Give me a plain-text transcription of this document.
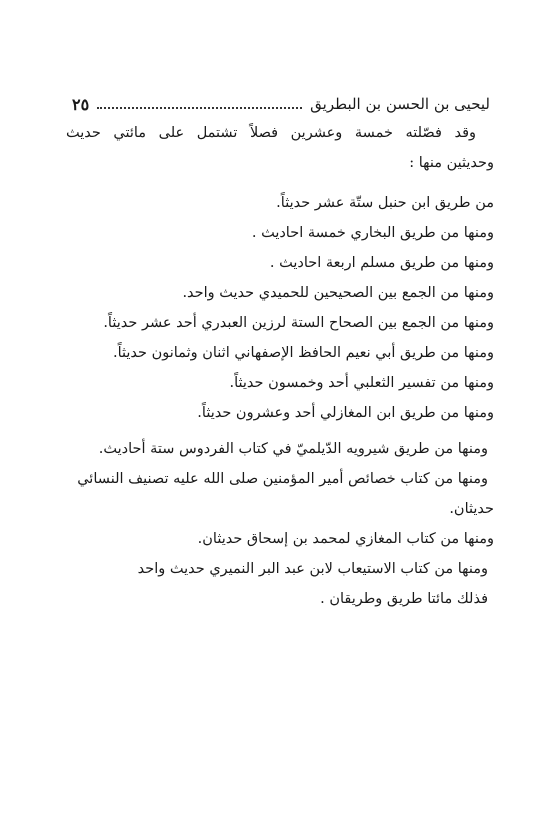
ليحيى بن الحسن بن البطريق
٢٥
وقد فصّلته خمسة وعشرين فصلاً تشتمل على مائتي حديث
وحديثين منها :
من طريق ابن حنبل ستّة عشر حديثاً.
ومنها من طريق البخاري خمسة احاديث .
ومنها من طريق مسلم اربعة احاديث .
ومنها من الجمع بين الصحيحين للحميدي حديث واحد.
ومنها من الجمع بين الصحاح الستة لرزين العبدري أحد عشر حديثاً.
ومنها من طريق أبي نعيم الحافظ الإصفهاني اثنان وثمانون حديثاً.
ومنها من تفسير الثعلبي أحد وخمسون حديثاً.
ومنها من طريق ابن المغازلي أحد وعشرون حديثاً.
ومنها من طريق شيرويه الدّيلميّ في كتاب الفردوس ستة أحاديث.
ومنها من كتاب خصائص أمير المؤمنين صلى الله عليه تصنيف النسائي
حديثان.
ومنها من كتاب المغازي لمحمد بن إسحاق حديثان.
ومنها من كتاب الاستيعاب لابن عبد البر النميري حديث واحد
فذلك مائتا طريق وطريقان .
